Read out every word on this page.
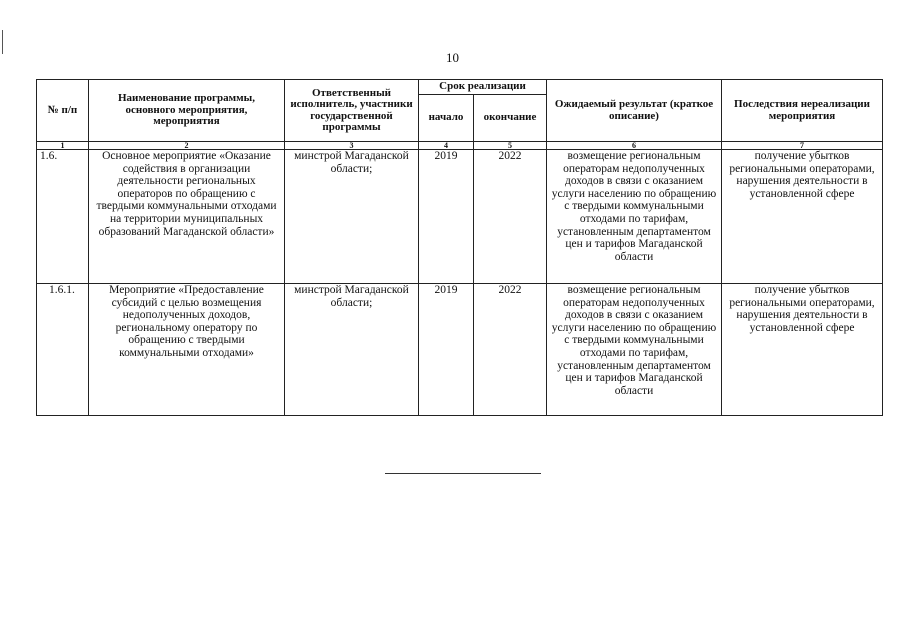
10
№ п/п	Наименование программы, основного мероприятия, мероприятия	Ответственный исполнитель, участники государственной программы	Срок реализации		Ожидаемый результат (краткое описание)	Последствия нереализации мероприятия
			начало	окончание		
1	2	3	4	5	6	7
1.6.	Основное мероприятие «Оказание содействия в организации деятельности региональных операторов по обращению с твердыми коммунальными отходами на территории муниципальных образований Магаданской области»	минстрой Магаданской области;	2019	2022	возмещение региональным операторам недополученных доходов в связи с оказанием услуги населению по обращению с твердыми коммунальными отходами по тарифам, установленным департаментом цен и тарифов Магаданской области	получение убытков региональными операторами, нарушения деятельности в установленной сфере
1.6.1.	Мероприятие «Предоставление субсидий с целью возмещения недополученных доходов, региональному оператору по обращению с твердыми коммунальными отходами»	минстрой Магаданской области;	2019	2022	возмещение региональным операторам недополученных доходов в связи с оказанием услуги населению по обращению с твердыми коммунальными отходами по тарифам, установленным департаментом цен и тарифов Магаданской области	получение убытков региональными операторами, нарушения деятельности в установленной сфере
